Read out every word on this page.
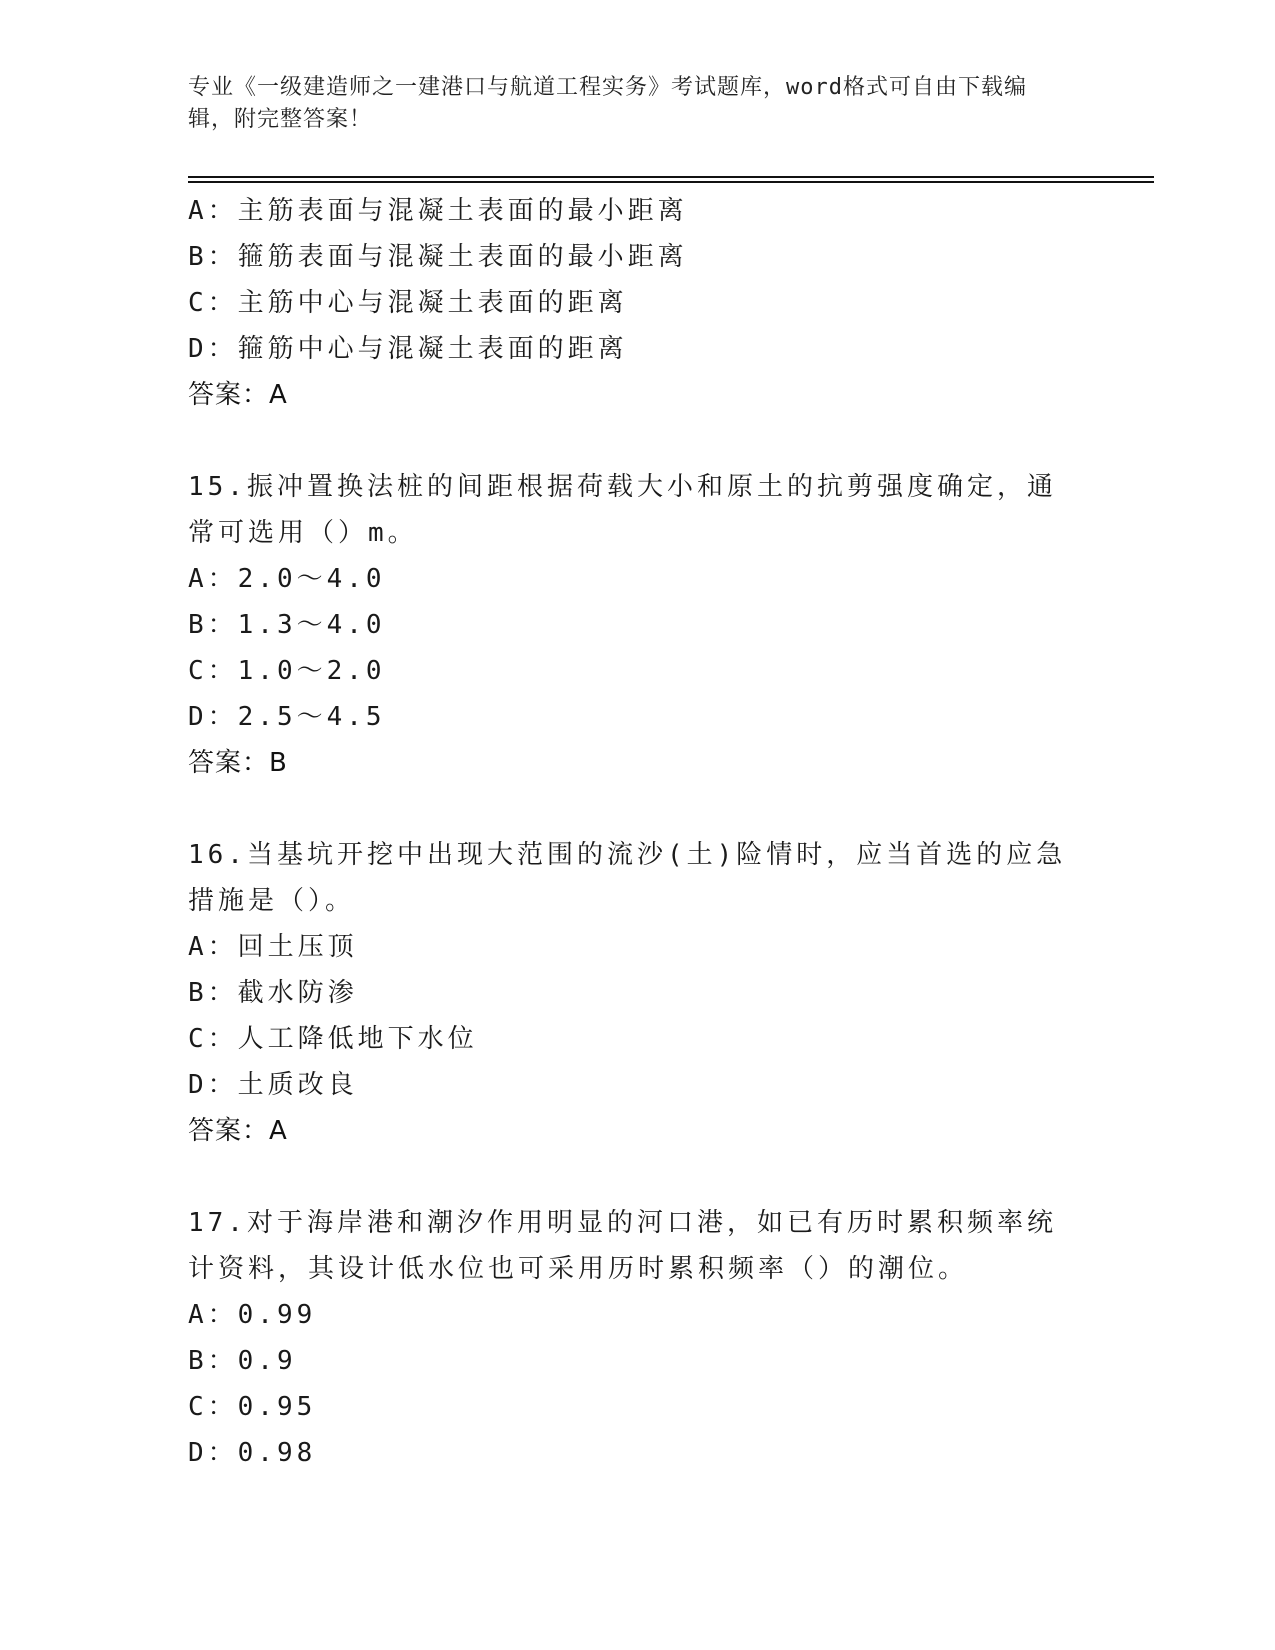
专业《一级建造师之一建港口与航道工程实务》考试题库，word格式可自由下载编辑，附完整答案！
A：主筋表面与混凝土表面的最小距离
B：箍筋表面与混凝土表面的最小距离
C：主筋中心与混凝土表面的距离
D：箍筋中心与混凝土表面的距离
答案：A
15.振冲置换法桩的间距根据荷载大小和原土的抗剪强度确定，通常可选用（）m。
A：2.0～4.0
B：1.3～4.0
C：1.0～2.0
D：2.5～4.5
答案：B
16.当基坑开挖中出现大范围的流沙(土)险情时，应当首选的应急措施是（）。
A：回土压顶
B：截水防渗
C：人工降低地下水位
D：土质改良
答案：A
17.对于海岸港和潮汐作用明显的河口港，如已有历时累积频率统计资料，其设计低水位也可采用历时累积频率（）的潮位。
A：0.99
B：0.9
C：0.95
D：0.98
